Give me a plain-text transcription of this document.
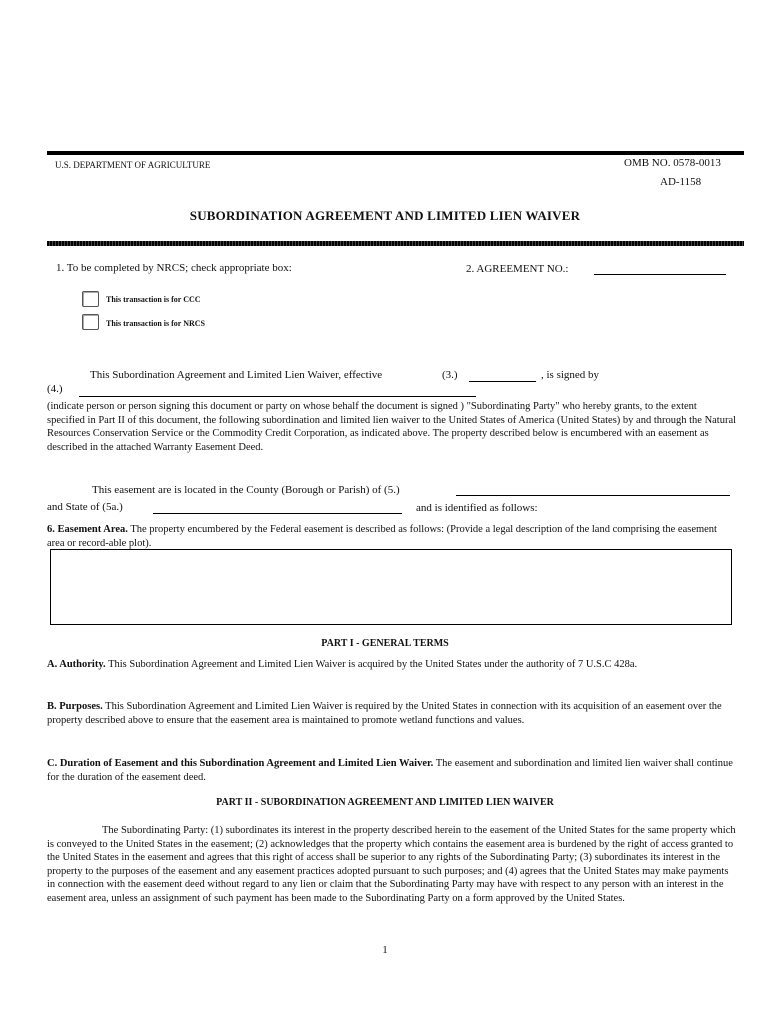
U.S. DEPARTMENT OF AGRICULTURE	OMB NO. 0578-0013
AD-1158
SUBORDINATION AGREEMENT AND LIMITED LIEN WAIVER
1. To be completed by NRCS; check appropriate box:	2. AGREEMENT NO.:
This transaction is for CCC
This transaction is for NRCS
This Subordination Agreement and Limited Lien Waiver, effective	(3.)	, is signed by
(4.)
(indicate person or person signing this document or party on whose behalf the document is signed ) "Subordinating Party" who hereby grants, to the extent specified in Part II of this document, the following subordination and limited lien waiver to the United States of America (United States) by and through the Natural Resources Conservation Service or the Commodity Credit Corporation, as indicated above. The property described below is encumbered with an easement as described in the attached Warranty Easement Deed.
This easement are is located in the County (Borough or Parish) of (5.)
and State of (5a.)	and is identified as follows:
6. Easement Area. The property encumbered by the Federal easement is described as follows: (Provide a legal description of the land comprising the easement area or record-able plot).
PART I - GENERAL TERMS
A. Authority. This Subordination Agreement and Limited Lien Waiver is acquired by the United States under the authority of 7 U.S.C 428a.
B. Purposes. This Subordination Agreement and Limited Lien Waiver is required by the United States in connection with its acquisition of an easement over the property described above to ensure that the easement area is maintained to promote wetland functions and values.
C. Duration of Easement and this Subordination Agreement and Limited Lien Waiver. The easement and subordination and limited lien waiver shall continue for the duration of the easement deed.
PART II - SUBORDINATION AGREEMENT AND LIMITED LIEN WAIVER
The Subordinating Party: (1) subordinates its interest in the property described herein to the easement of the United States for the same property which is conveyed to the United States in the easement; (2) acknowledges that the property which contains the easement area is burdened by the right of access granted to the United States in the easement and agrees that this right of access shall be superior to any rights of the Subordinating Party; (3) subordinates its interest in the property to the purposes of the easement and any easement practices adopted pursuant to such purposes; and (4) agrees that the United States may make payments in connection with the easement deed without regard to any lien or claim that the Subordinating Party may have with respect to any person with an interest in the easement area, unless an assignment of such payment has been made to the Subordinating Party on a form approved by the United States.
1
